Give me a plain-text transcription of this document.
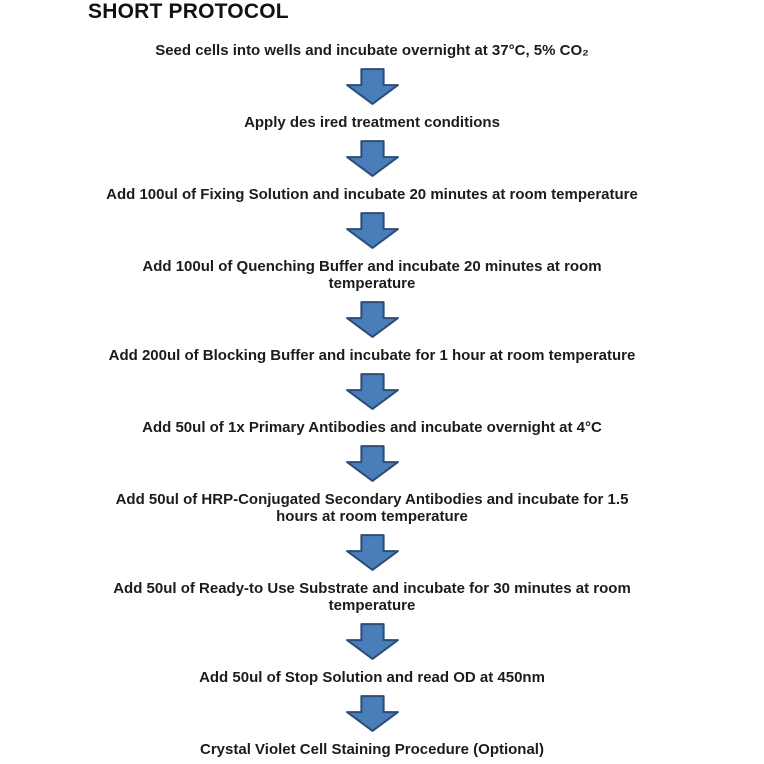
SHORT PROTOCOL
Seed cells into wells and incubate overnight at 37°C, 5% CO₂
Apply des ired treatment conditions
Add 100ul of Fixing Solution and incubate 20 minutes at room temperature
Add 100ul of Quenching Buffer and incubate 20 minutes at room
temperature
Add 200ul of Blocking Buffer and incubate for 1 hour at room temperature
Add 50ul of 1x Primary Antibodies and incubate overnight at 4°C
Add 50ul of HRP-Conjugated Secondary Antibodies and incubate for 1.5
hours at room temperature
Add 50ul of Ready-to Use Substrate and incubate for 30 minutes at room
temperature
Add 50ul of Stop Solution and read OD at 450nm
Crystal Violet Cell Staining Procedure (Optional)
